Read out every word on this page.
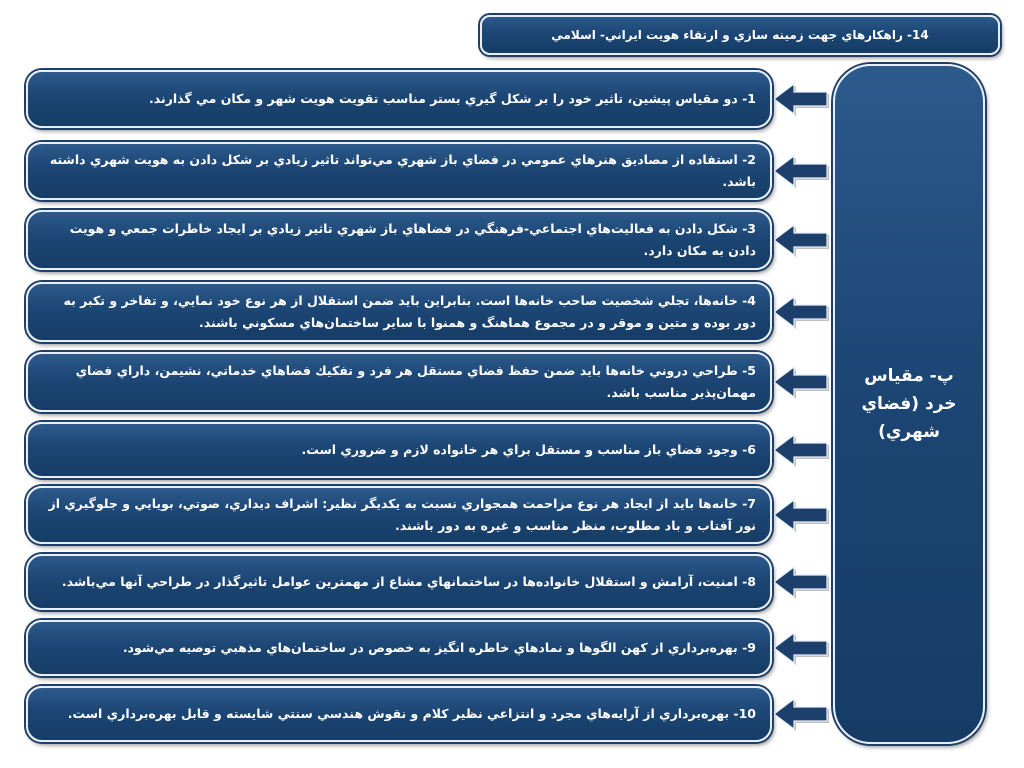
14- راهکارهاي جهت زمينه سازي و ارتقاء هويت ايراني- اسلامي
پ- مقياس خرد (فضاي شهري)
1- دو مقياس پيشين، تاثير خود را بر شكل گيري بستر مناسب تقويت هويت شهر و مكان مي گذارند.
2- استفاده از مصاديق هنرهاي عمومي در فضاي باز شهري مي‌تواند تاثير زيادي بر شكل دادن به هويت شهري داشته باشد.
3- شكل دادن به فعاليت‌هاي اجتماعي-فرهنگي در فضاهاي باز شهري تاثير زيادي بر ايجاد خاطرات جمعي و هويت دادن به مكان دارد.
4- خانه‌ها، تجلي شخصيت صاحب خانه‌ها است. بنابراين بايد ضمن استقلال از هر نوع خود نمايي، و تفاخر و تكبر به دور بوده و متين و موقر و در مجموع هماهنگ و همنوا با ساير ساختمان‌هاي مسكوني باشند.
5- طراحي دروني خانه‌ها بايد ضمن حفظ فضاي مستقل هر فرد و تفكيك فضاهاي خدماتي، نشيمن، داراي فضاي مهمان‌پذير مناسب باشد.
6- وجود فضاي باز مناسب و مستقل براي هر خانواده لازم و ضروري است.
7- خانه‌ها بايد از ايجاد هر نوع مزاحمت همجواري نسبت به يكديگر نظير: اشراف ديداري، صوتي، بويايي و جلوگيري از نور آفتاب و باد مطلوب، منظر مناسب و غيره به دور باشند.
8- امنيت، آرامش و استقلال خانواده‌ها در ساختمانهاي مشاع از مهمترين عوامل تاثيرگذار در طراحي آنها مي‌باشد.
9- بهره‌برداري از كهن الگوها و نمادهاي خاطره انگيز به خصوص در ساختمان‌هاي مذهبي توصيه مي‌شود.
10- بهره‌برداري از آرايه‌هاي مجرد و انتزاعي نظير كلام و نقوش هندسي سنتي شايسته و قابل بهره‌برداري است.
